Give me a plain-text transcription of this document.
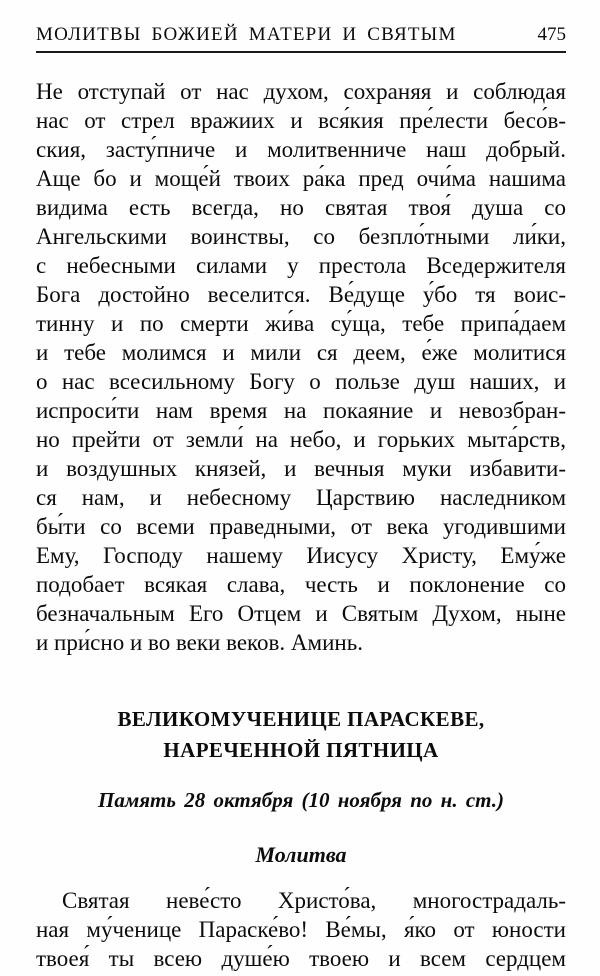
МОЛИТВЫ БОЖИЕЙ МАТЕРИ И СВЯТЫМ	475
Не отступай от нас духом, сохраняя и соблюдая
нас от стрел вражиих и вся́кия пре́лести бесо́в-
ския, засту́пниче и молитвенниче наш добрый.
Аще бо и моще́й твоих ра́ка пред очи́ма нашима
видима есть всегда, но святая твоя́ душа со
Ангельскими воинствы, со безпло́тными ли́ки,
с небесными силами у престола Вседержителя
Бога достойно веселится. Ве́дуще у́бо тя воис-
тинну и по смерти жи́ва су́ща, тебе припа́даем
и тебе молимся и мили ся деем, е́же молитися
о нас всесильному Богу о пользе душ наших, и
испроси́ти нам время на покаяние и невозбран-
но прейти от земли́ на небо, и горьких мыта́рств,
и воздушных князей, и вечныя муки избавити-
ся нам, и небесному Царствию наследником
бы́ти со всеми праведными, от века угодившими
Ему, Господу нашему Иисусу Христу, Ему́же
подобает всякая слава, честь и поклонение со
безначальным Его Отцем и Святым Духом, ныне
и при́сно и во веки веков. Аминь.
ВЕЛИКОМУЧЕНИЦЕ ПАРАСКЕВЕ,
НАРЕЧЕННОЙ ПЯТНИЦА
Память 28 октября (10 ноября по н. ст.)
Молитва
Святая неве́сто Христо́ва, многострадаль-
ная му́ченице Параске́во! Ве́мы, я́ко от юности
твоея́ ты всею душе́ю твоею и всем сердцем
